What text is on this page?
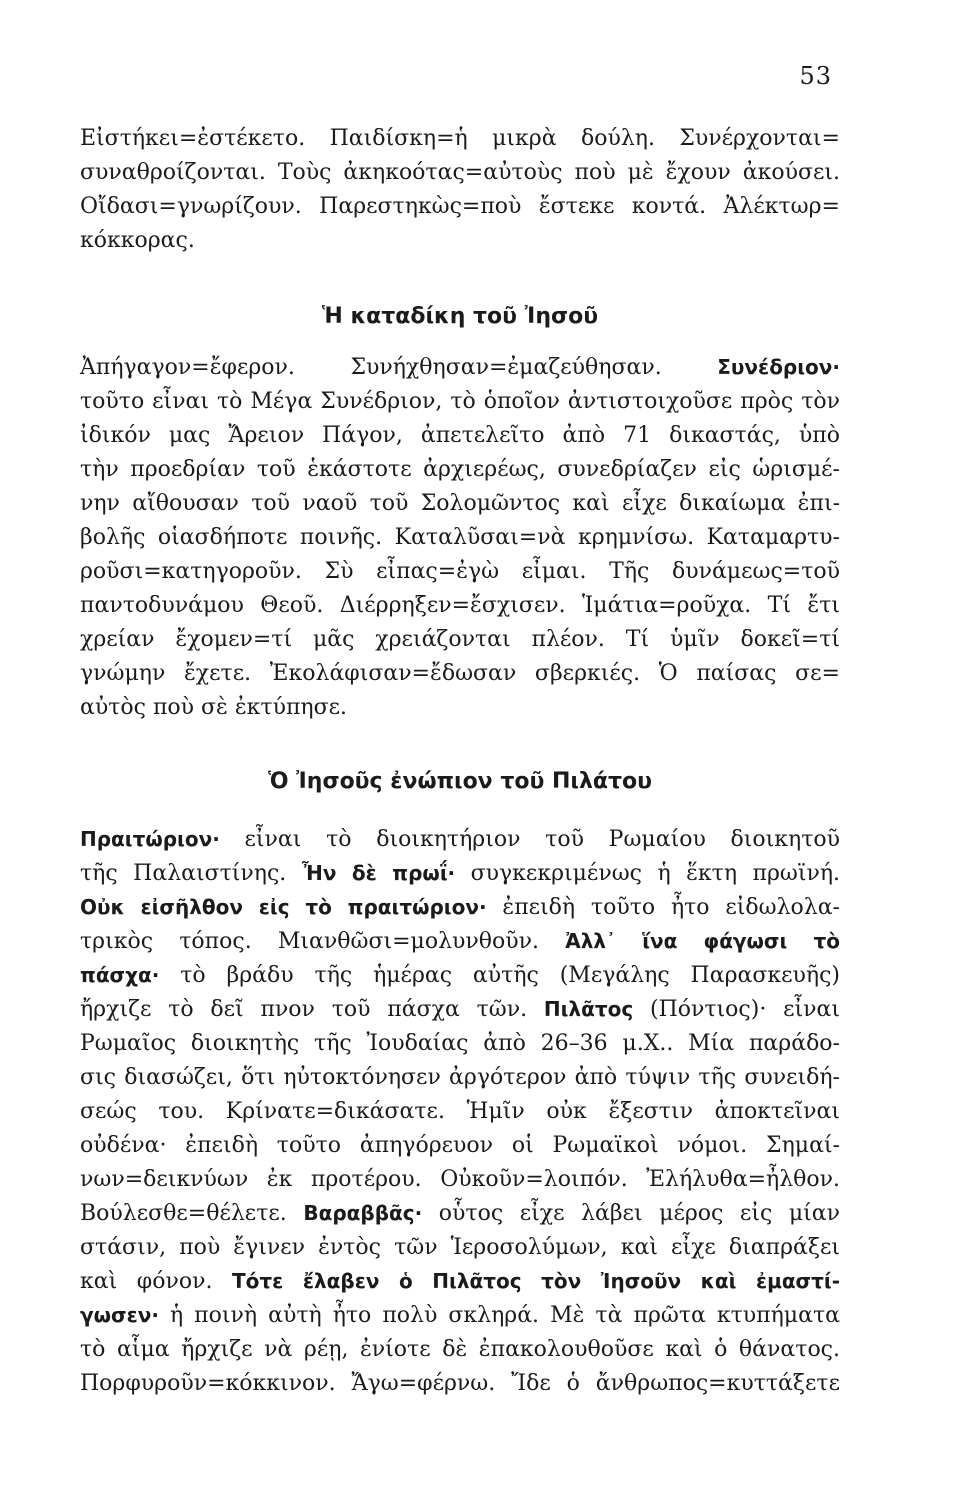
53
Εἰστήκει=ἐστέκετο. Παιδίσκη=ἡ μικρὰ δούλη. Συνέρχονται=
συναθροίζονται. Τοὺς ἀκηκοότας=αὐτοὺς ποὺ μὲ ἔχουν ἀκούσει.
Οἴδασι=γνωρίζουν. Παρεστηκὼς=ποὺ ἔστεκε κοντά. Ἀλέκτωρ=
κόκκορας.
Ἡ καταδίκη τοῦ Ἰησοῦ
Ἀπήγαγον=ἔφερον. Συνήχθησαν=ἐμαζεύθησαν. Συνέδριον·
τοῦτο εἶναι τὸ Μέγα Συνέδριον, τὸ ὁποῖον ἀντιστοιχοῦσε πρὸς τὸν
ἰδικόν μας Ἄρειον Πάγον, ἀπετελεῖτο ἀπὸ 71 δικαστάς, ὑπὸ
τὴν προεδρίαν τοῦ ἑκάστοτε ἀρχιερέως, συνεδρίαζεν εἰς ὡρισμέ-
νην αἴθουσαν τοῦ ναοῦ τοῦ Σολομῶντος καὶ εἶχε δικαίωμα ἐπι-
βολῆς οἱασδήποτε ποινῆς. Καταλῦσαι=νὰ κρημνίσω. Καταμαρτυ-
ροῦσι=κατηγοροῦν. Σὺ εἶπας=ἐγὼ εἶμαι. Τῆς δυνάμεως=τοῦ
παντοδυνάμου Θεοῦ. Διέρρηξεν=ἔσχισεν. Ἱμάτια=ροῦχα. Τί ἔτι
χρείαν ἔχομεν=τί μᾶς χρειάζονται πλέον. Τί ὑμῖν δοκεῖ=τί
γνώμην ἔχετε. Ἐκολάφισαν=ἔδωσαν σβερκιές. Ὁ παίσας σε=
αὐτὸς ποὺ σὲ ἐκτύπησε.
Ὁ Ἰησοῦς ἐνώπιον τοῦ Πιλάτου
Πραιτώριον· εἶναι τὸ διοικητήριον τοῦ Ρωμαίου διοικητοῦ
τῆς Παλαιστίνης. Ἦν δὲ πρωΐ· συγκεκριμένως ἡ ἕκτη πρωϊνή.
Οὐκ εἰσῆλθον εἰς τὸ πραιτώριον· ἐπειδὴ τοῦτο ἦτο εἰδωλολα-
τρικὸς τόπος. Μιανθῶσι=μολυνθοῦν. Ἀλλ᾽ ἵνα φάγωσι τὸ
πάσχα· τὸ βράδυ τῆς ἡμέρας αὐτῆς (Μεγάλης Παρασκευῆς)
ἤρχιζε τὸ δεῖ πνον τοῦ πάσχα τῶν. Πιλᾶτος (Πόντιος)· εἶναι
Ρωμαῖος διοικητὴς τῆς Ἰουδαίας ἀπὸ 26–36 μ.Χ.. Μία παράδο-
σις διασώζει, ὅτι ηὐτοκτόνησεν ἀργότερον ἀπὸ τύψιν τῆς συνειδή-
σεώς του. Κρίνατε=δικάσατε. Ἡμῖν οὐκ ἔξεστιν ἀποκτεῖναι
οὐδένα· ἐπειδὴ τοῦτο ἀπηγόρευον οἱ Ρωμαϊκοὶ νόμοι. Σημαί-
νων=δεικνύων ἐκ προτέρου. Οὐκοῦν=λοιπόν. Ἐλήλυθα=ἦλθον.
Βούλεσθε=θέλετε. Βαραββᾶς· οὗτος εἶχε λάβει μέρος εἰς μίαν
στάσιν, ποὺ ἔγινεν ἐντὸς τῶν Ἱεροσολύμων, καὶ εἶχε διαπράξει
καὶ φόνον. Τότε ἔλαβεν ὁ Πιλᾶτος τὸν Ἰησοῦν καὶ ἐμαστί-
γωσεν· ἡ ποινὴ αὐτὴ ἦτο πολὺ σκληρά. Μὲ τὰ πρῶτα κτυπήματα
τὸ αἷμα ἤρχιζε νὰ ρέῃ, ἐνίοτε δὲ ἐπακολουθοῦσε καὶ ὁ θάνατος.
Πορφυροῦν=κόκκινον. Ἄγω=φέρνω. Ἴδε ὁ ἄνθρωπος=κυττάξετε
